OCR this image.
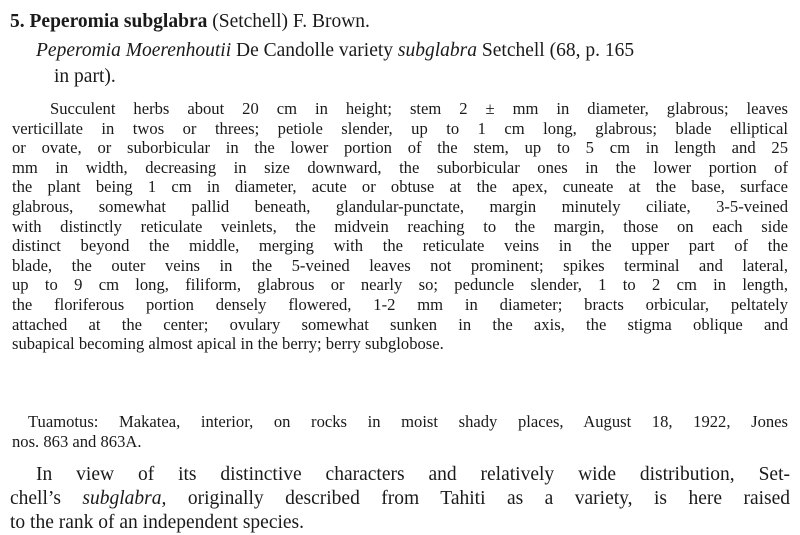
5. Peperomia subglabra (Setchell) F. Brown.
Peperomia Moerenhoutii De Candolle variety subglabra Setchell (68, p. 165
in part).
Succulent herbs about 20 cm in height; stem 2 ± mm in diameter, glabrous; leaves
verticillate in twos or threes; petiole slender, up to 1 cm long, glabrous; blade elliptical
or ovate, or suborbicular in the lower portion of the stem, up to 5 cm in length and 25
mm in width, decreasing in size downward, the suborbicular ones in the lower portion of
the plant being 1 cm in diameter, acute or obtuse at the apex, cuneate at the base, surface
glabrous, somewhat pallid beneath, glandular-punctate, margin minutely ciliate, 3-5-veined
with distinctly reticulate veinlets, the midvein reaching to the margin, those on each side
distinct beyond the middle, merging with the reticulate veins in the upper part of the
blade, the outer veins in the 5-veined leaves not prominent; spikes terminal and lateral,
up to 9 cm long, filiform, glabrous or nearly so; peduncle slender, 1 to 2 cm in length,
the floriferous portion densely flowered, 1-2 mm in diameter; bracts orbicular, peltately
attached at the center; ovulary somewhat sunken in the axis, the stigma oblique and
subapical becoming almost apical in the berry; berry subglobose.
Tuamotus: Makatea, interior, on rocks in moist shady places, August 18, 1922, Jones
nos. 863 and 863A.
In view of its distinctive characters and relatively wide distribution, Set-
chell’s subglabra, originally described from Tahiti as a variety, is here raised
to the rank of an independent species.
